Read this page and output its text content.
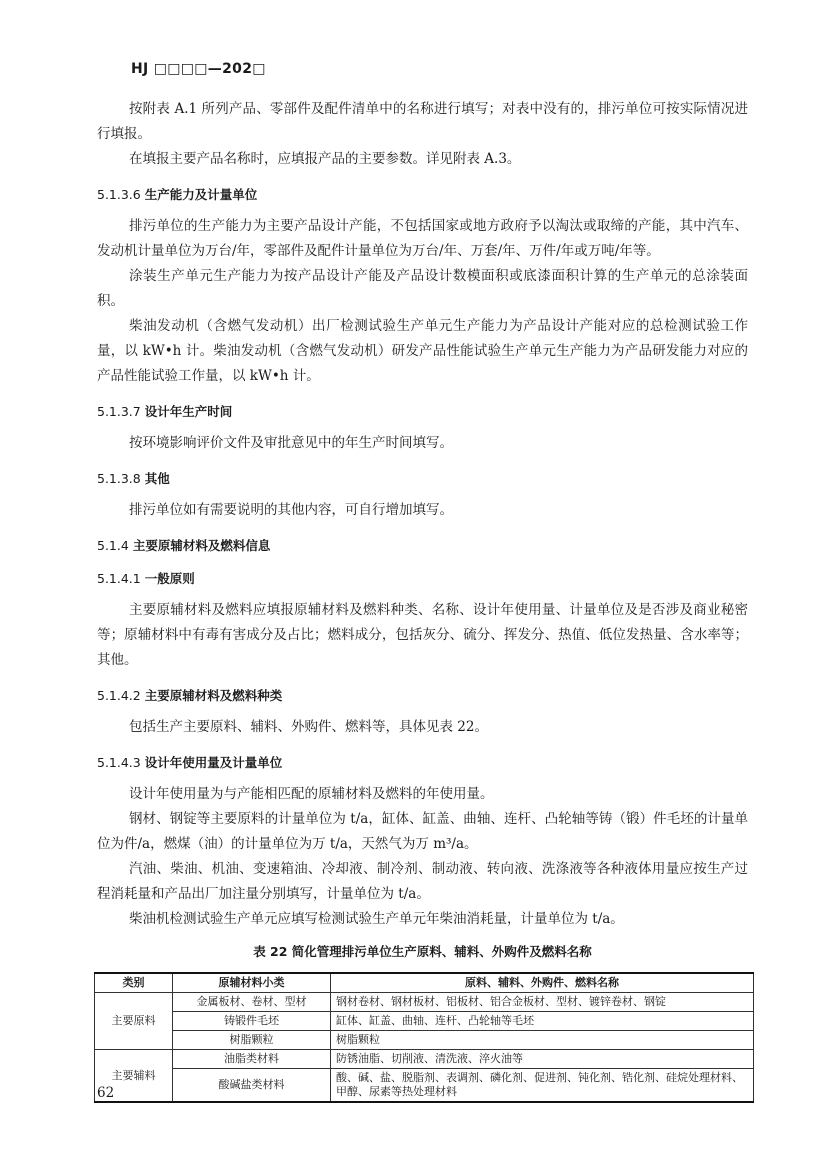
HJ □□□□—202□

按附表 A.1 所列产品、零部件及配件清单中的名称进行填写；对表中没有的，排污单位可按实际情况进行填报。

在填报主要产品名称时，应填报产品的主要参数。详见附表 A.3。

5.1.3.6 生产能力及计量单位

排污单位的生产能力为主要产品设计产能，不包括国家或地方政府予以淘汰或取缔的产能，其中汽车、发动机计量单位为万台/年，零部件及配件计量单位为万台/年、万套/年、万件/年或万吨/年等。

涂装生产单元生产能力为按产品设计产能及产品设计数模面积或底漆面积计算的生产单元的总涂装面积。

柴油发动机（含燃气发动机）出厂检测试验生产单元生产能力为产品设计产能对应的总检测试验工作量，以 kW•h 计。柴油发动机（含燃气发动机）研发产品性能试验生产单元生产能力为产品研发能力对应的产品性能试验工作量，以 kW•h 计。

5.1.3.7 设计年生产时间

按环境影响评价文件及审批意见中的年生产时间填写。

5.1.3.8 其他

排污单位如有需要说明的其他内容，可自行增加填写。

5.1.4 主要原辅材料及燃料信息
5.1.4.1 一般原则

主要原辅材料及燃料应填报原辅材料及燃料种类、名称、设计年使用量、计量单位及是否涉及商业秘密等；原辅材料中有毒有害成分及占比；燃料成分，包括灰分、硫分、挥发分、热值、低位发热量、含水率等；其他。

5.1.4.2 主要原辅材料及燃料种类

包括生产主要原料、辅料、外购件、燃料等，具体见表 22。

5.1.4.3 设计年使用量及计量单位

设计年使用量为与产能相匹配的原辅材料及燃料的年使用量。

钢材、钢锭等主要原料的计量单位为 t/a，缸体、缸盖、曲轴、连杆、凸轮轴等铸（锻）件毛坯的计量单位为件/a，燃煤（油）的计量单位为万 t/a，天然气为万 m³/a。

汽油、柴油、机油、变速箱油、冷却液、制冷剂、制动液、转向液、洗涤液等各种液体用量应按生产过程消耗量和产品出厂加注量分别填写，计量单位为 t/a。

柴油机检测试验生产单元应填写检测试验生产单元年柴油消耗量，计量单位为 t/a。

表 22 简化管理排污单位生产原料、辅料、外购件及燃料名称
类别	原辅材料小类	原料、辅料、外购件、燃料名称
主要原料	金属板材、卷材、型材	钢材卷材、钢材板材、铝板材、铝合金板材、型材、镀锌卷材、钢锭
	铸锻件毛坯	缸体、缸盖、曲轴、连杆、凸轮轴等毛坯
	树脂颗粒	树脂颗粒
主要辅料	油脂类材料	防锈油脂、切削液、清洗液、淬火油等
	酸碱盐类材料	酸、碱、盐、脱脂剂、表调剂、磷化剂、促进剂、钝化剂、锆化剂、硅烷处理材料、甲醇、尿素等热处理材料
62
